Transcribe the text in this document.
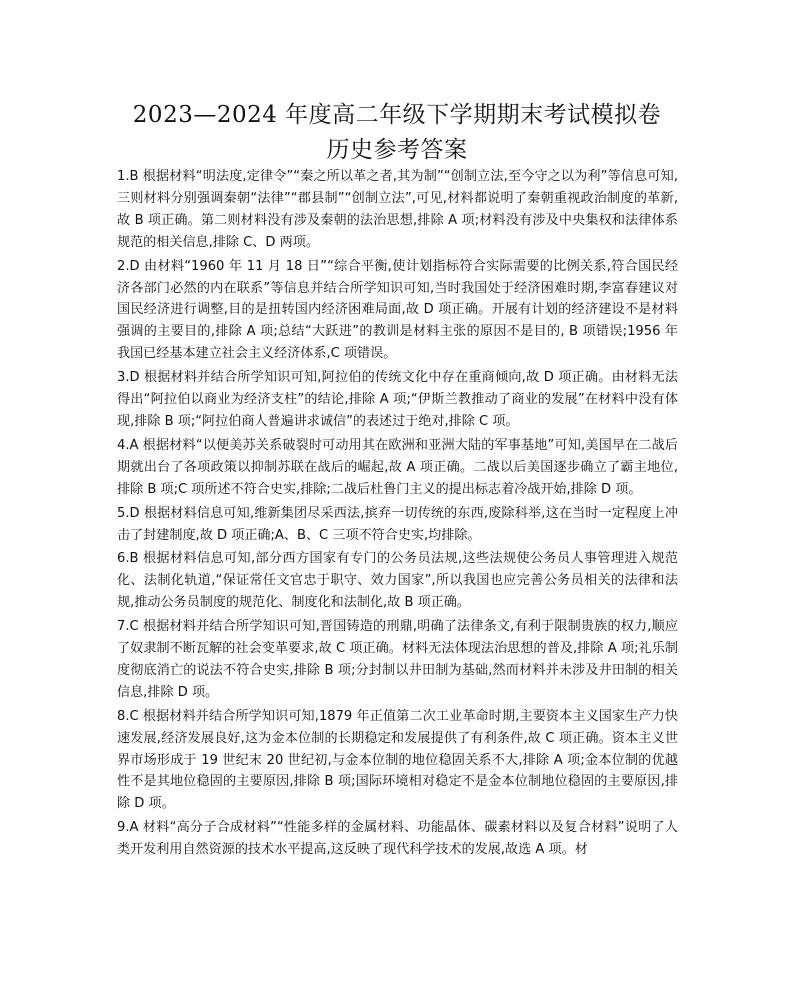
2023—2024 年度高二年级下学期期末考试模拟卷
历史参考答案
1.B 根据材料“明法度,定律令”“秦之所以革之者,其为制”“创制立法,至今守之以为利”等信息可知,三则材料分别强调秦朝“法律”“郡县制”“创制立法”,可见,材料都说明了秦朝重视政治制度的革新,故 B 项正确。第二则材料没有涉及秦朝的法治思想,排除 A 项;材料没有涉及中央集权和法律体系规范的相关信息,排除 C、D 两项。
2.D 由材料“1960 年 11 月 18 日”“综合平衡,使计划指标符合实际需要的比例关系,符合国民经济各部门必然的内在联系”等信息并结合所学知识可知,当时我国处于经济困难时期,李富春建议对国民经济进行调整,目的是扭转国内经济困难局面,故 D 项正确。开展有计划的经济建设不是材料强调的主要目的,排除 A 项;总结“大跃进”的教训是材料主张的原因不是目的, B 项错误;1956 年我国已经基本建立社会主义经济体系,C 项错误。
3.D 根据材料并结合所学知识可知,阿拉伯的传统文化中存在重商倾向,故 D 项正确。由材料无法得出“阿拉伯以商业为经济支柱”的结论,排除 A 项;“伊斯兰教推动了商业的发展”在材料中没有体现,排除 B 项;“阿拉伯商人普遍讲求诚信”的表述过于绝对,排除 C 项。
4.A 根据材料“以便美苏关系破裂时可动用其在欧洲和亚洲大陆的军事基地”可知,美国早在二战后期就出台了各项政策以抑制苏联在战后的崛起,故 A 项正确。二战以后美国逐步确立了霸主地位,排除 B 项;C 项所述不符合史实,排除;二战后杜鲁门主义的提出标志着冷战开始,排除 D 项。
5.D 根据材料信息可知,维新集团尽采西法,摈弃一切传统的东西,废除科举,这在当时一定程度上冲击了封建制度,故 D 项正确;A、B、C 三项不符合史实,均排除。
6.B 根据材料信息可知,部分西方国家有专门的公务员法规,这些法规使公务员人事管理进入规范化、法制化轨道,“保证常任文官忠于职守、效力国家”,所以我国也应完善公务员相关的法律和法规,推动公务员制度的规范化、制度化和法制化,故 B 项正确。
7.C 根据材料并结合所学知识可知,晋国铸造的刑鼎,明确了法律条文,有利于限制贵族的权力,顺应了奴隶制不断瓦解的社会变革要求,故 C 项正确。材料无法体现法治思想的普及,排除 A 项;礼乐制度彻底消亡的说法不符合史实,排除 B 项;分封制以井田制为基础,然而材料并未涉及井田制的相关信息,排除 D 项。
8.C 根据材料并结合所学知识可知,1879 年正值第二次工业革命时期,主要资本主义国家生产力快速发展,经济发展良好,这为金本位制的长期稳定和发展提供了有利条件,故 C 项正确。资本主义世界市场形成于 19 世纪末 20 世纪初,与金本位制的地位稳固关系不大,排除 A 项;金本位制的优越性不是其地位稳固的主要原因,排除 B 项;国际环境相对稳定不是金本位制地位稳固的主要原因,排除 D 项。
9.A 材料“高分子合成材料”“性能多样的金属材料、功能晶体、碳素材料以及复合材料”说明了人类开发利用自然资源的技术水平提高,这反映了现代科学技术的发展,故选 A 项。材
